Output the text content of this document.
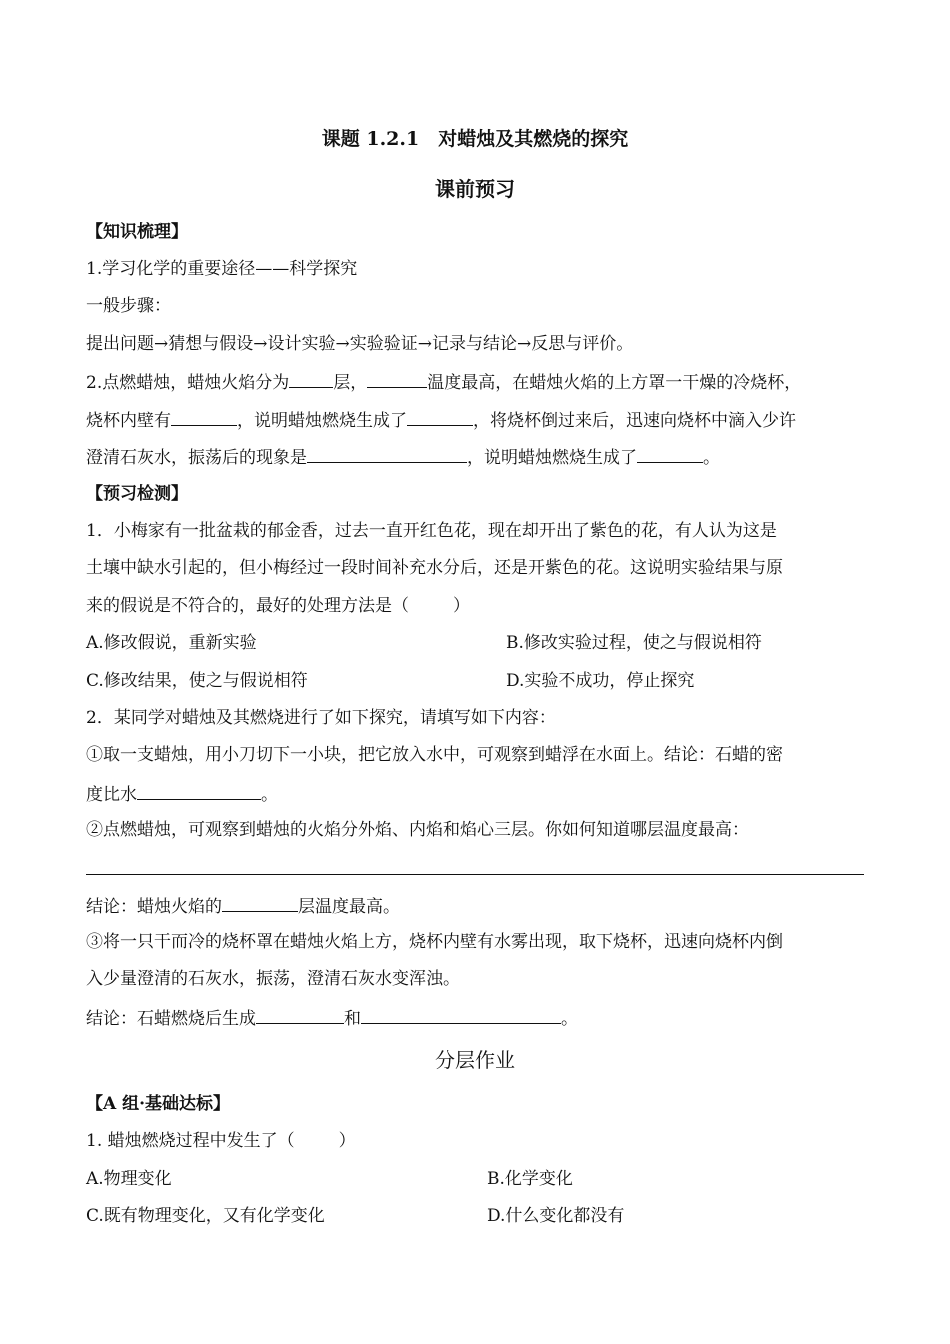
课题 1.2.1　对蜡烛及其燃烧的探究
课前预习
【知识梳理】
1.学习化学的重要途径——科学探究
一般步骤：
提出问题→猜想与假设→设计实验→实验验证→记录与结论→反思与评价。
2.点燃蜡烛，蜡烛火焰分为	层，	温度最高，在蜡烛火焰的上方罩一干燥的冷烧杯，
烧杯内壁有	，说明蜡烛燃烧生成了	，将烧杯倒过来后，迅速向烧杯中滴入少许
澄清石灰水，振荡后的现象是	，说明蜡烛燃烧生成了	。
【预习检测】
1．小梅家有一批盆栽的郁金香，过去一直开红色花，现在却开出了紫色的花，有人认为这是
土壤中缺水引起的，但小梅经过一段时间补充水分后，还是开紫色的花。这说明实验结果与原
来的假说是不符合的，最好的处理方法是（	）
A.修改假说，重新实验	B.修改实验过程，使之与假说相符
C.修改结果，使之与假说相符	D.实验不成功，停止探究
2．某同学对蜡烛及其燃烧进行了如下探究，请填写如下内容：
①取一支蜡烛，用小刀切下一小块，把它放入水中，可观察到蜡浮在水面上。结论：石蜡的密
度比水	。
②点燃蜡烛，可观察到蜡烛的火焰分外焰、内焰和焰心三层。你如何知道哪层温度最高：
结论：蜡烛火焰的	层温度最高。
③将一只干而冷的烧杯罩在蜡烛火焰上方，烧杯内壁有水雾出现，取下烧杯，迅速向烧杯内倒
入少量澄清的石灰水，振荡，澄清石灰水变浑浊。
结论：石蜡燃烧后生成	和	。
分层作业
【A 组·基础达标】
1. 蜡烛燃烧过程中发生了（	）
A.物理变化	B.化学变化
C.既有物理变化，又有化学变化	D.什么变化都没有
